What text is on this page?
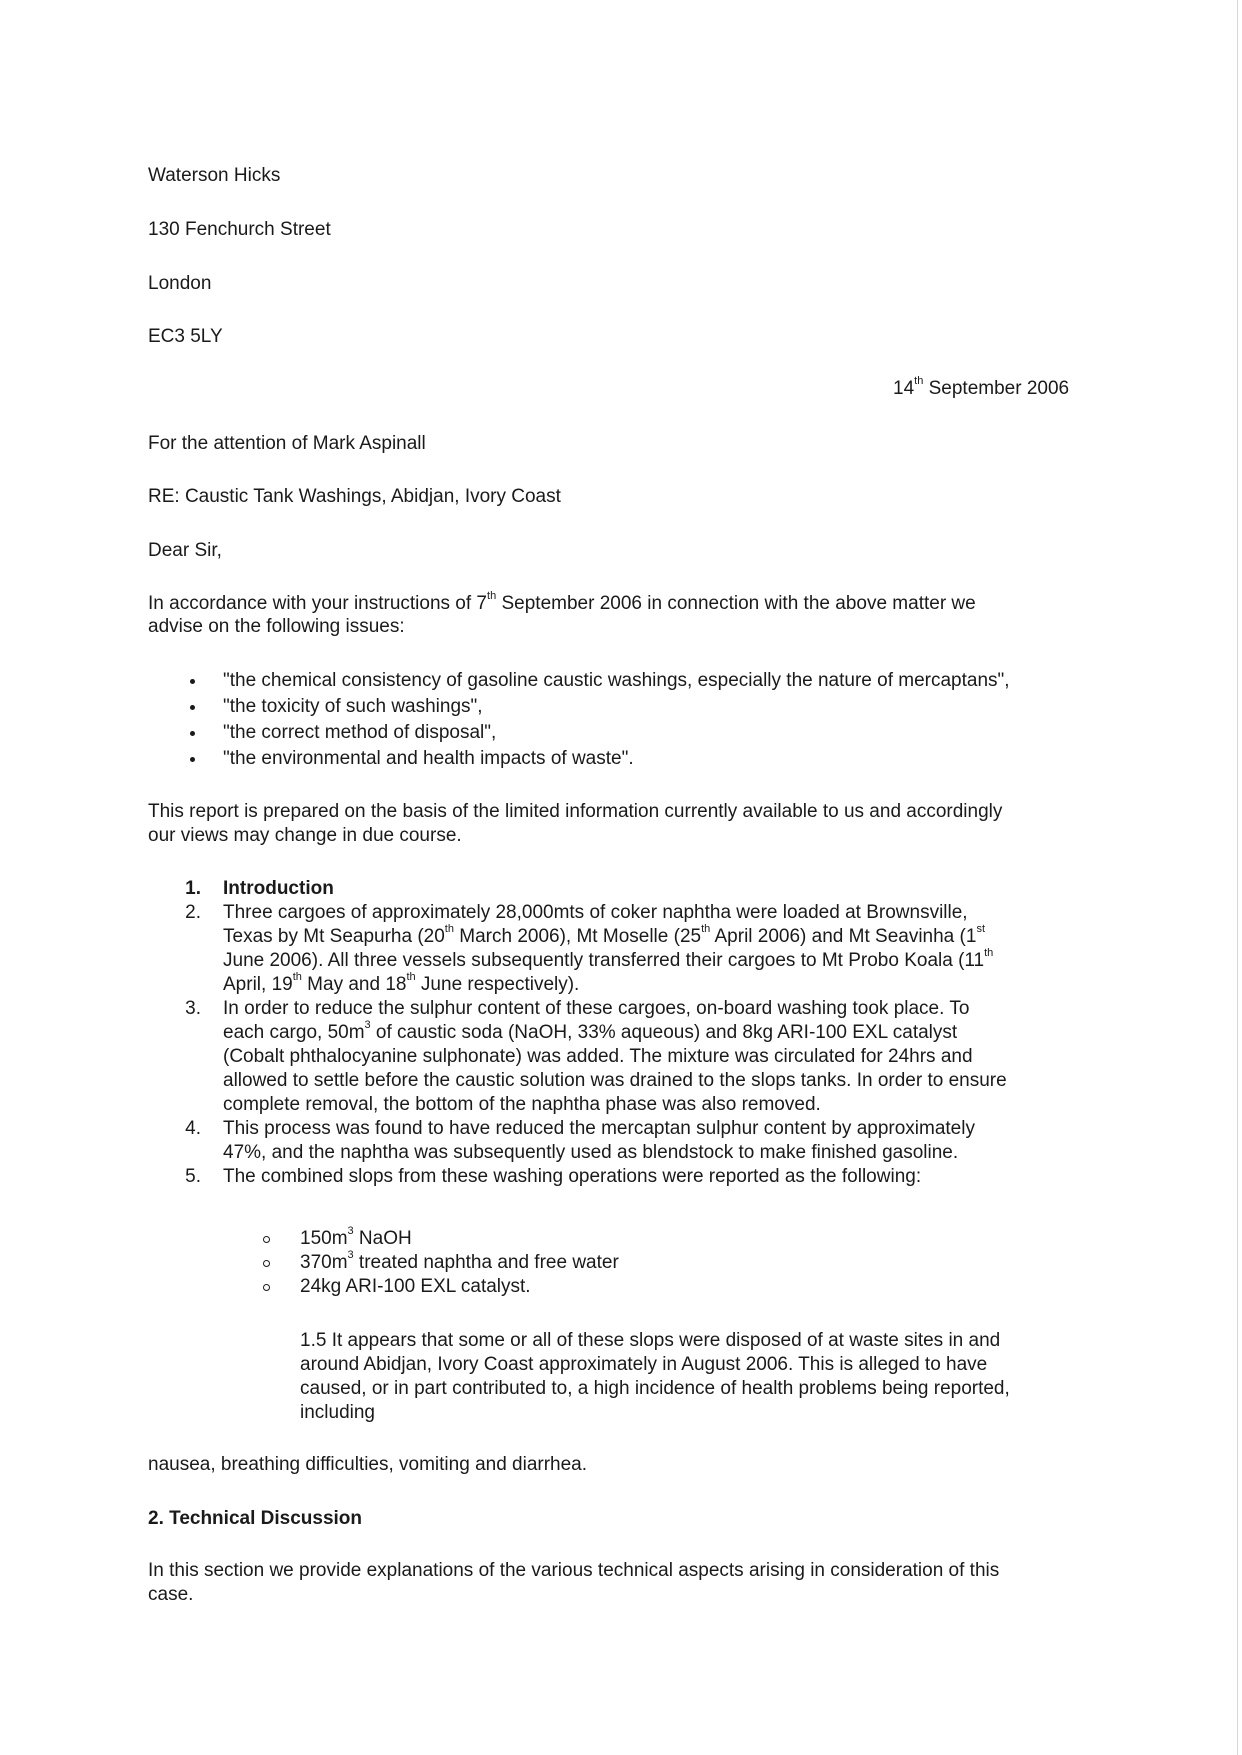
Waterson Hicks
130 Fenchurch Street
London
EC3 5LY
14th September 2006
For the attention of Mark Aspinall
RE: Caustic Tank Washings, Abidjan, Ivory Coast
Dear Sir,
In accordance with your instructions of 7th September 2006 in connection with the above matter we
advise on the following issues:
"the chemical consistency of gasoline caustic washings, especially the nature of mercaptans",
"the toxicity of such washings",
"the correct method of disposal",
"the environmental and health impacts of waste".
This report is prepared on the basis of the limited information currently available to us and accordingly
our views may change in due course.
1. Introduction
2. Three cargoes of approximately 28,000mts of coker naphtha were loaded at Brownsville,
Texas by Mt Seapurha (20th March 2006), Mt Moselle (25th April 2006) and Mt Seavinha (1st
June 2006). All three vessels subsequently transferred their cargoes to Mt Probo Koala (11th
April, 19th May and 18th June respectively).
3. In order to reduce the sulphur content of these cargoes, on-board washing took place. To
each cargo, $50m^3$ of caustic soda (NaOH, 33% aqueous) and 8kg ARI-100 EXL catalyst
(Cobalt phthalocyanine sulphonate) was added. The mixture was circulated for 24hrs and
allowed to settle before the caustic solution was drained to the slops tanks. In order to ensure
complete removal, the bottom of the naphtha phase was also removed.
4. This process was found to have reduced the mercaptan sulphur content by approximately
47%, and the naphtha was subsequently used as blendstock to make finished gasoline.
5. The combined slops from these washing operations were reported as the following:
$150m^3$ NaOH
$370m^3$ treated naphtha and free water
24kg ARI-100 EXL catalyst.
1.5 It appears that some or all of these slops were disposed of at waste sites in and
around Abidjan, Ivory Coast approximately in August 2006. This is alleged to have
caused, or in part contributed to, a high incidence of health problems being reported,
including
nausea, breathing difficulties, vomiting and diarrhea.
2. Technical Discussion
In this section we provide explanations of the various technical aspects arising in consideration of this
case.
